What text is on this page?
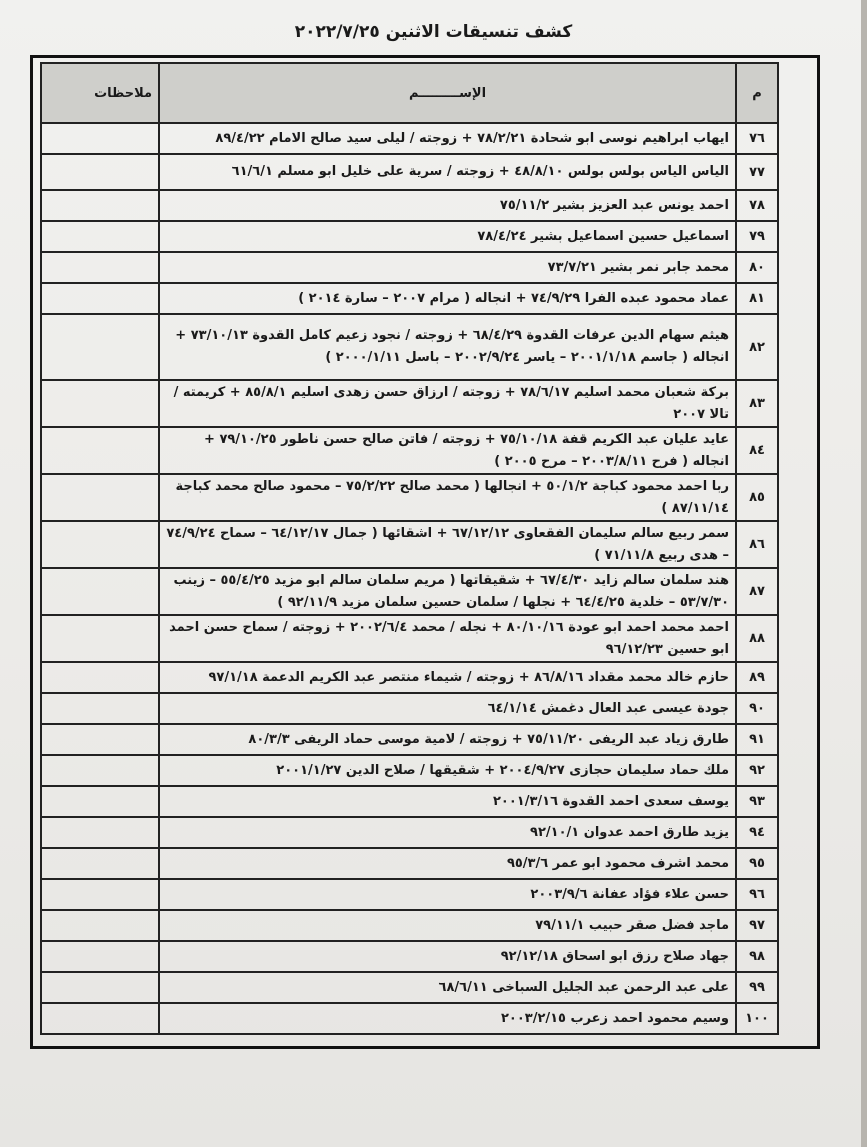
كشف تنسيقات الاثنين ٢٠٢٢/٧/٢٥
م	الإســـــــــم	ملاحظات
٧٦	ايهاب ابراهيم نوسى ابو شحادة ٧٨/٢/٢١ + زوجته / ليلى سيد صالح الامام ٨٩/٤/٢٢	
٧٧	الياس الياس بولس بولس ٤٨/٨/١٠ + زوجته / سرية على خليل ابو مسلم ٦١/٦/١	
٧٨	احمد يونس عبد العزيز بشير ٧٥/١١/٢	
٧٩	اسماعيل حسين اسماعيل بشير ٧٨/٤/٢٤	
٨٠	محمد جابر نمر بشير ٧٣/٧/٢١	
٨١	عماد محمود عبده الفرا ٧٤/٩/٢٩ + انجاله ( مرام ٢٠٠٧ – سارة ٢٠١٤ )	
٨٢	هيثم سهام الدين عرفات القدوة ٦٨/٤/٢٩ + زوجته / نجود زعيم كامل القدوة ٧٣/١٠/١٣ + انجاله ( جاسم ٢٠٠١/١/١٨ – ياسر ٢٠٠٢/٩/٢٤ – باسل ٢٠٠٠/١/١١ )	
٨٣	بركة شعبان محمد اسليم ٧٨/٦/١٧ + زوجته / ارزاق حسن زهدى اسليم ٨٥/٨/١ + كريمته / تالا ٢٠٠٧	
٨٤	عايد عليان عبد الكريم قفة ٧٥/١٠/١٨ + زوجته / فاتن صالح حسن ناطور ٧٩/١٠/٢٥ + انجاله ( فرح ٢٠٠٣/٨/١١ – مرح ٢٠٠٥ )	
٨٥	ربا احمد محمود كباجة ٥٠/١/٢ + انجالها ( محمد صالح ٧٥/٢/٢٢ – محمود صالح محمد كباجة ٨٧/١١/١٤ )	
٨٦	سمر ربيع سالم سليمان الفقعاوى ٦٧/١٢/١٢ + اشقائها ( جمال ٦٤/١٢/١٧ – سماح ٧٤/٩/٢٤ – هدى ربيع ٧١/١١/٨ )	
٨٧	هند سلمان سالم زايد ٦٧/٤/٣٠ + شقيقاتها ( مريم سلمان سالم ابو مزيد ٥٥/٤/٢٥ – زينب ٥٣/٧/٣٠ – خلدية ٦٤/٤/٢٥ + نجلها / سلمان حسين سلمان مزيد ٩٢/١١/٩ )	
٨٨	احمد محمد احمد ابو عودة ٨٠/١٠/١٦ + نجله / محمد ٢٠٠٢/٦/٤ + زوجته / سماح حسن احمد ابو حسين ٩٦/١٢/٢٣	
٨٩	حازم خالد محمد مقداد ٨٦/٨/١٦ + زوجته / شيماء منتصر عبد الكريم الدعمة ٩٧/١/١٨	
٩٠	جودة عيسى عبد العال دغمش ٦٤/١/١٤	
٩١	طارق زياد عبد الريفى ٧٥/١١/٢٠ + زوجته / لامية موسى حماد الريفى ٨٠/٣/٣	
٩٢	ملك حماد سليمان حجازى ٢٠٠٤/٩/٢٧ + شقيقها / صلاح الدين ٢٠٠١/١/٢٧	
٩٣	يوسف سعدى احمد القدوة ٢٠٠١/٣/١٦	
٩٤	يزيد طارق احمد عدوان ٩٢/١٠/١	
٩٥	محمد اشرف محمود ابو عمر ٩٥/٣/٦	
٩٦	حسن علاء فؤاد عفانة ٢٠٠٣/٩/٦	
٩٧	ماجد فضل صقر حبيب ٧٩/١١/١	
٩٨	جهاد صلاح رزق ابو اسحاق ٩٢/١٢/١٨	
٩٩	على عبد الرحمن عبد الجليل السباخى ٦٨/٦/١١	
١٠٠	وسيم محمود احمد زعرب ٢٠٠٣/٢/١٥	
